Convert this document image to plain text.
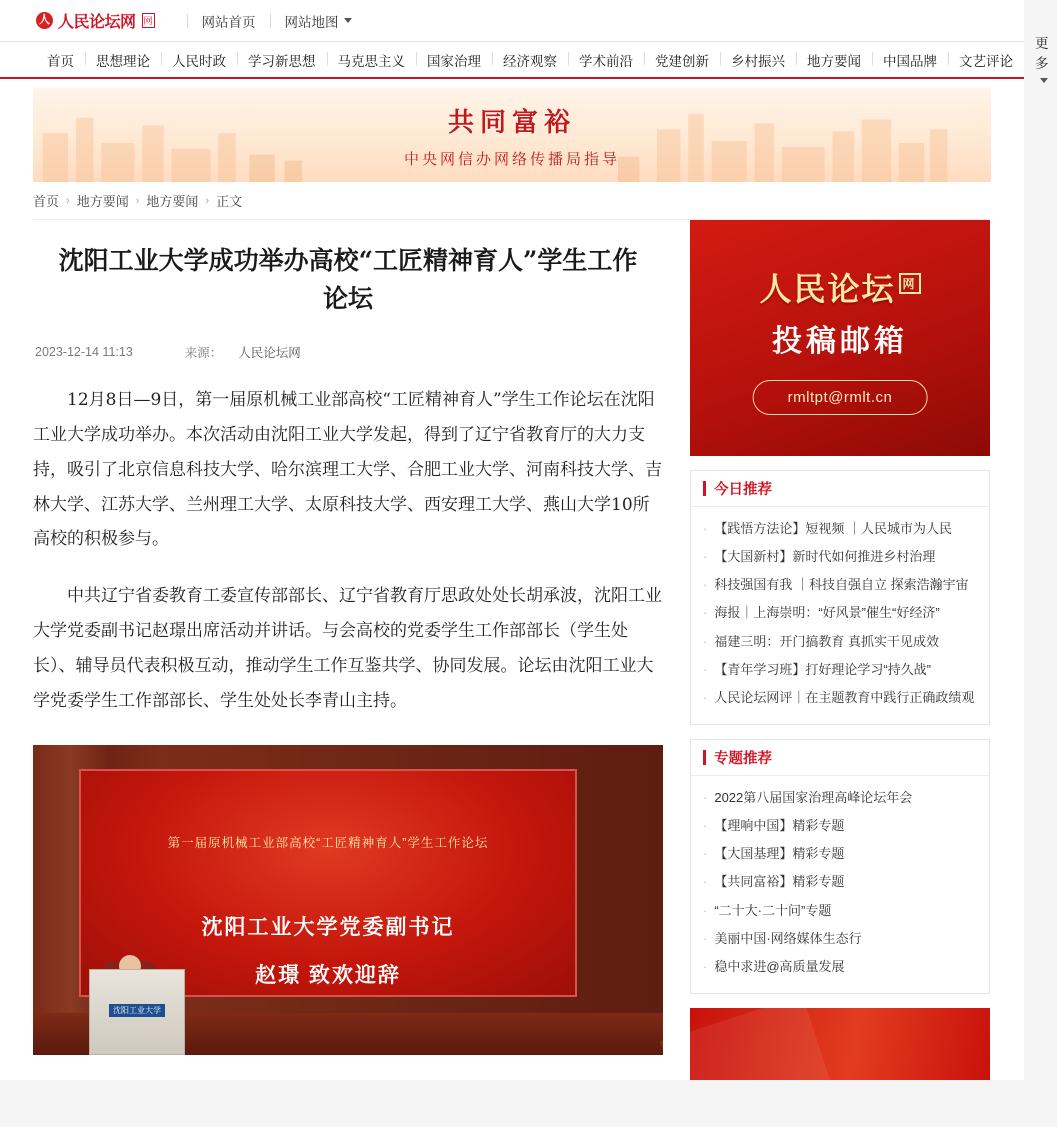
人 人民论坛网 网	网站首页 网站地图
首页	思想理论	人民时政	学习新思想	马克思主义	国家治理	经济观察	学术前沿	党建创新	乡村振兴	地方要闻	中国品牌	文艺评论
更多
共同富裕
中央网信办网络传播局指导
首页 › 地方要闻 › 地方要闻 › 正文
沈阳工业大学成功举办高校“工匠精神育人”学生工作论坛
2023-12-14 11:13	来源： 人民论坛网

12月8日—9日，第一届原机械工业部高校“工匠精神育人”学生工作论坛在沈阳工业大学成功举办。本次活动由沈阳工业大学发起，得到了辽宁省教育厅的大力支持，吸引了北京信息科技大学、哈尔滨理工大学、合肥工业大学、河南科技大学、吉林大学、江苏大学、兰州理工大学、太原科技大学、西安理工大学、燕山大学10所高校的积极参与。

中共辽宁省委教育工委宣传部部长、辽宁省教育厅思政处处长胡承波，沈阳工业大学党委副书记赵璟出席活动并讲话。与会高校的党委学生工作部部长（学生处长）、辅导员代表积极互动，推动学生工作互鉴共学、协同发展。论坛由沈阳工业大学党委学生工作部部长、学生处处长李青山主持。

第一届原机械工业部高校“工匠精神育人”学生工作论坛
沈阳工业大学党委副书记
赵璟 致欢迎辞
沈阳工业大学
人民论坛 $^网$
投稿邮箱
rmltpt@rmlt.cn
今日推荐
· 【践悟方法论】短视频 ｜人民城市为人民
· 【大国新村】新时代如何推进乡村治理
· 科技强国有我 ｜科技自强自立 探索浩瀚宇宙
· 海报｜上海崇明：“好风景”催生“好经济”
· 福建三明：开门搞教育 真抓实干见成效
· 【青年学习班】打好理论学习“持久战”
· 人民论坛网评｜在主题教育中践行正确政绩观
专题推荐
· 2022第八届国家治理高峰论坛年会
· 【理响中国】精彩专题
· 【大国基理】精彩专题
· 【共同富裕】精彩专题
· “二十大·二十问”专题
· 美丽中国·网络媒体生态行
· 稳中求进@高质量发展
